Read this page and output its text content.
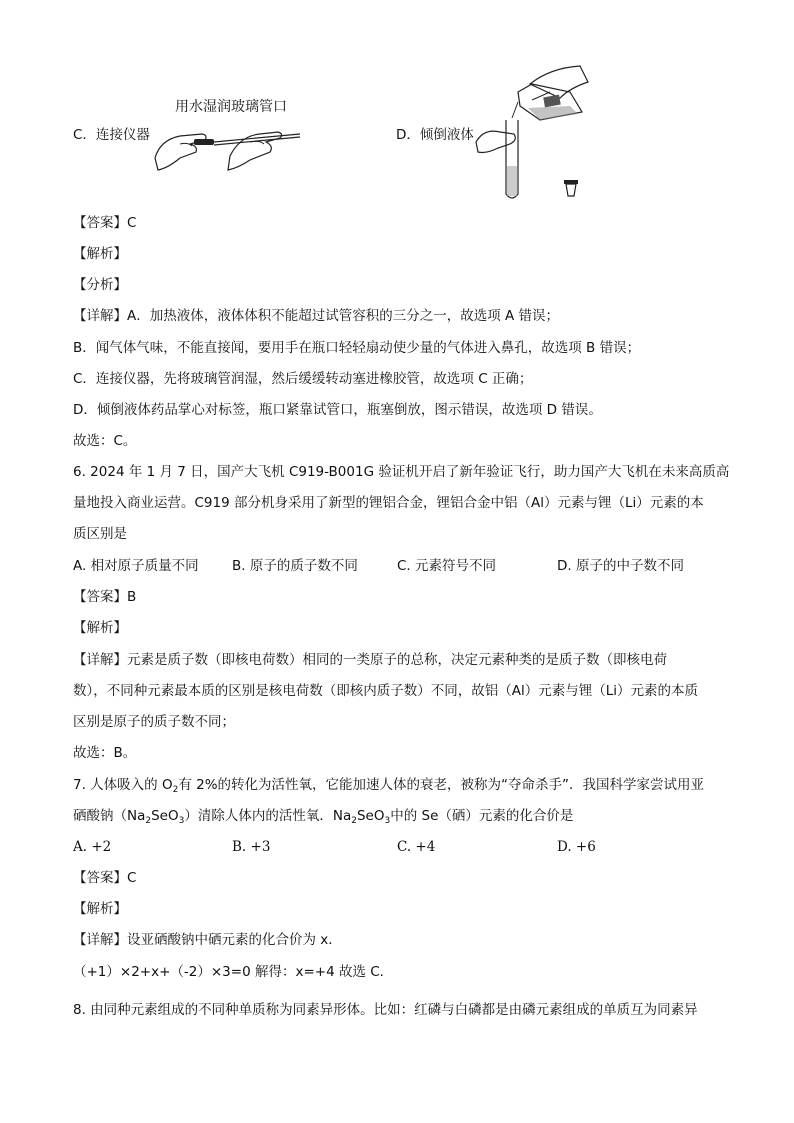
用水湿润玻璃管口
C．连接仪器	D．倾倒液体
【答案】C
【解析】
【分析】
【详解】A．加热液体，液体体积不能超过试管容积的三分之一，故选项 A 错误；
B．闻气体气味，不能直接闻，要用手在瓶口轻轻扇动使少量的气体进入鼻孔，故选项 B 错误；
C．连接仪器，先将玻璃管润湿，然后缓缓转动塞进橡胶管，故选项 C 正确；
D．倾倒液体药品掌心对标签，瓶口紧靠试管口，瓶塞倒放，图示错误，故选项 D 错误。
故选：C。
6. 2024 年 1 月 7 日，国产大飞机 C919-B001G 验证机开启了新年验证飞行，助力国产大飞机在未来高质高
量地投入商业运营。C919 部分机身采用了新型的锂铝合金，锂铝合金中铝（Al）元素与锂（Li）元素的本
质区别是
A. 相对原子质量不同 B. 原子的质子数不同	C. 元素符号不同	D. 原子的中子数不同
【答案】B
【解析】
【详解】元素是质子数（即核电荷数）相同的一类原子的总称，决定元素种类的是质子数（即核电荷
数），不同种元素最本质的区别是核电荷数（即核内质子数）不同，故铝（Al）元素与锂（Li）元素的本质
区别是原子的质子数不同；
故选：B。
7. 人体吸入的 $O_2$有 2%的转化为活性氧，它能加速人体的衰老，被称为“夺命杀手”．我国科学家尝试用亚
硒酸钠$(Na_2SeO_3)$清除人体内的活性氧．$Na_2SeO_3$中的 Se（硒）元素的化合价是
A. +2	B. +3	C. +4	D. +6
【答案】C
【解析】
【详解】设亚硒酸钠中硒元素的化合价为 x．
（+1）×2+x+（-2）×3=0 解得：x=+4 故选 C．
8. 由同种元素组成的不同种单质称为同素异形体。比如：红磷与白磷都是由磷元素组成的单质互为同素异
